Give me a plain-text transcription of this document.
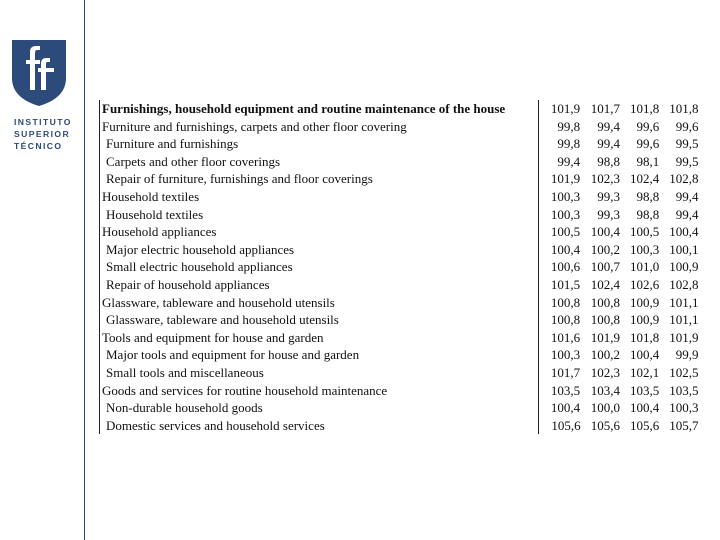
INSTITUTO
SUPERIOR
TÉCNICO
Furnishings, household equipment and routine maintenance of the house	101,9	101,7	101,8	101,8
Furniture and furnishings, carpets and other floor covering	99,8	99,4	99,6	99,6
Furniture and furnishings	99,8	99,4	99,6	99,5
Carpets and other floor coverings	99,4	98,8	98,1	99,5
Repair of furniture, furnishings and floor coverings	101,9	102,3	102,4	102,8
Household textiles	100,3	99,3	98,8	99,4
Household textiles	100,3	99,3	98,8	99,4
Household appliances	100,5	100,4	100,5	100,4
Major electric household appliances	100,4	100,2	100,3	100,1
Small electric household appliances	100,6	100,7	101,0	100,9
Repair of household appliances	101,5	102,4	102,6	102,8
Glassware, tableware and household utensils	100,8	100,8	100,9	101,1
Glassware, tableware and household utensils	100,8	100,8	100,9	101,1
Tools and equipment for house and garden	101,6	101,9	101,8	101,9
Major tools and equipment for house and garden	100,3	100,2	100,4	99,9
Small tools and miscellaneous	101,7	102,3	102,1	102,5
Goods and services for routine household maintenance	103,5	103,4	103,5	103,5
Non-durable household goods	100,4	100,0	100,4	100,3
Domestic services and household services	105,6	105,6	105,6	105,7
